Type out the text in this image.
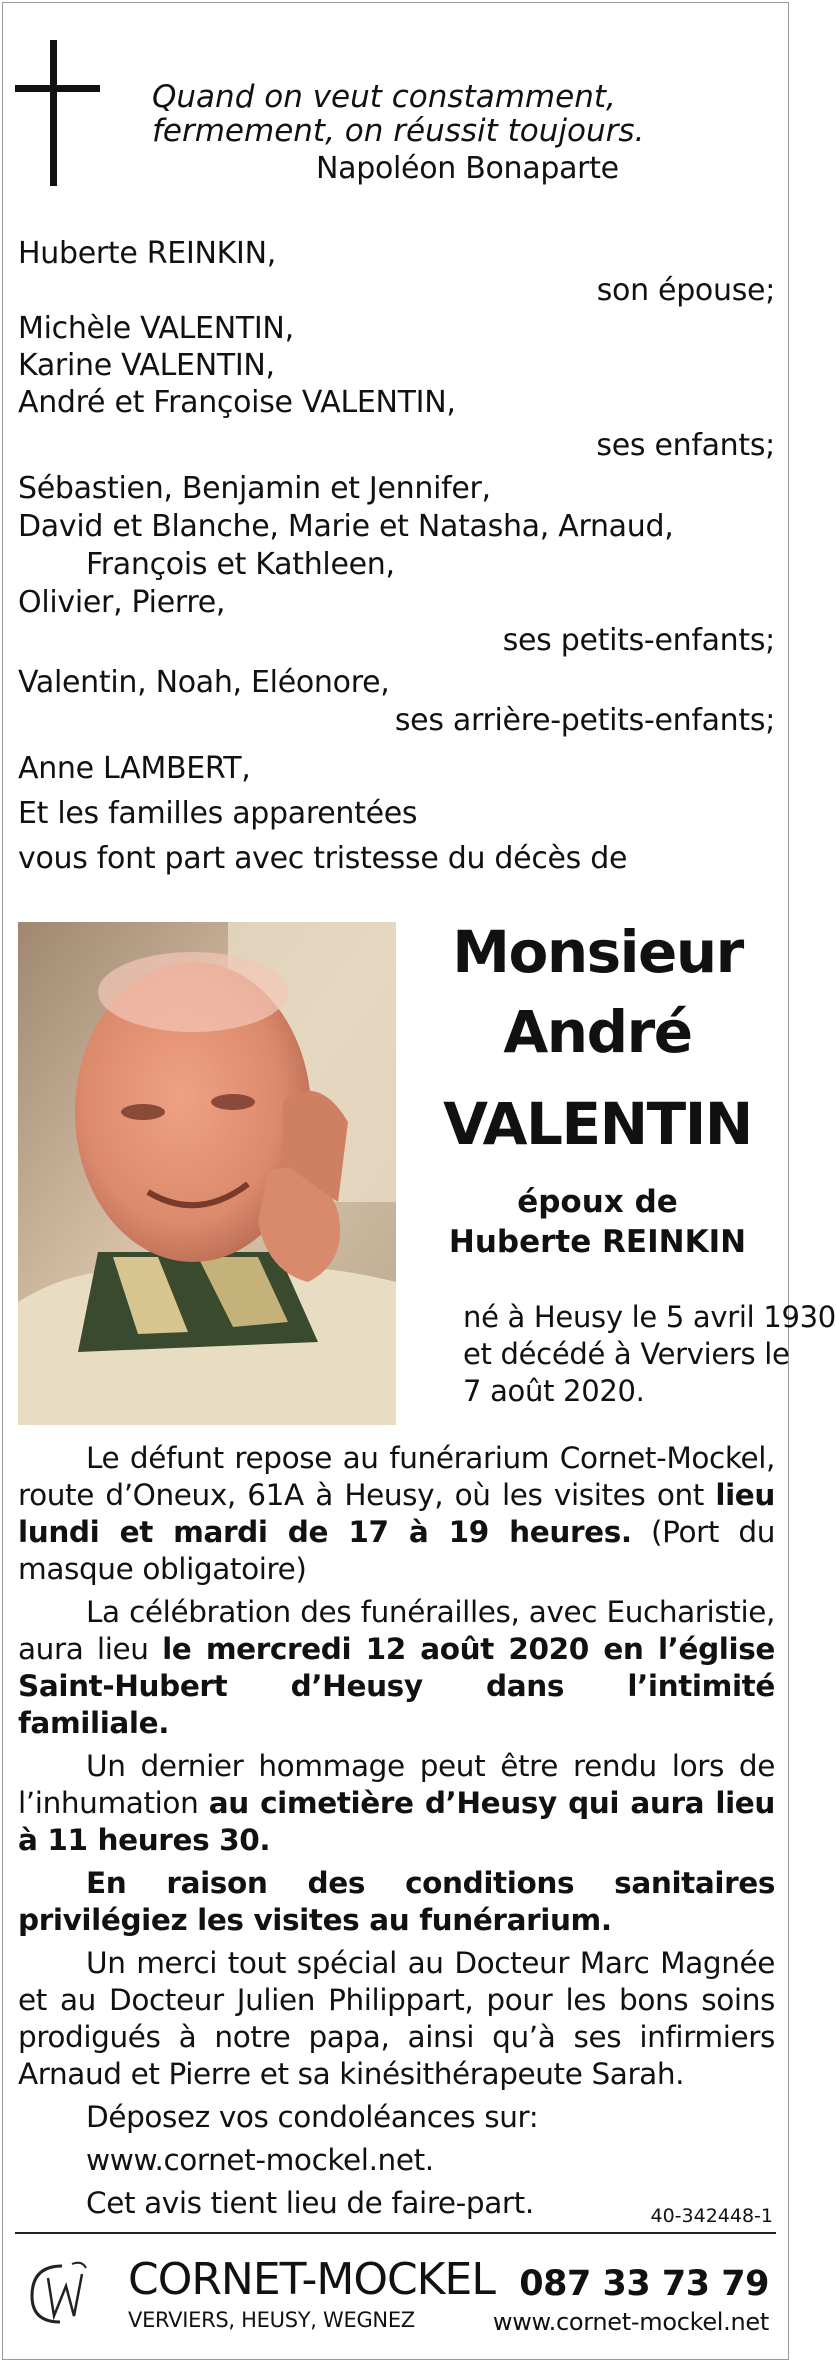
Quand on veut constamment,
fermement, on réussit toujours.
Napoléon Bonaparte
Huberte REINKIN,
son épouse;
Michèle VALENTIN,
Karine VALENTIN,
André et Françoise VALENTIN,
ses enfants;
Sébastien, Benjamin et Jennifer,
David et Blanche, Marie et Natasha, Arnaud,
François et Kathleen,
Olivier, Pierre,
ses petits-enfants;
Valentin, Noah, Eléonore,
ses arrière-petits-enfants;
Anne LAMBERT,
Et les familles apparentées
vous font part avec tristesse du décès de
Monsieur
André
VALENTIN
époux de
Huberte REINKIN
né à Heusy le 5 avril 1930
et décédé à Verviers le
7 août 2020.

Le défunt repose au funérarium Cornet-Mockel, route d’Oneux, 61A à Heusy, où les visites ont lieu lundi et mardi de 17 à 19 heures. (Port du masque obligatoire)

La célébration des funérailles, avec Eucharistie, aura lieu le mercredi 12 août 2020 en l’église Saint-Hubert d’Heusy dans l’intimité familiale.

Un dernier hommage peut être rendu lors de l’inhumation au cimetière d’Heusy qui aura lieu à 11 heures 30.

En raison des conditions sanitaires privilégiez les visites au funérarium.

Un merci tout spécial au Docteur Marc Magnée et au Docteur Julien Philippart, pour les bons soins prodigués à notre papa, ainsi qu’à ses infirmiers Arnaud et Pierre et sa kinésithérapeute Sarah.

Déposez vos condoléances sur:

www.cornet-mockel.net.

Cet avis tient lieu de faire-part.	40-342448-1
CORNET-MOCKEL
VERVIERS, HEUSY, WEGNEZ
087 33 73 79
www.cornet-mockel.net
